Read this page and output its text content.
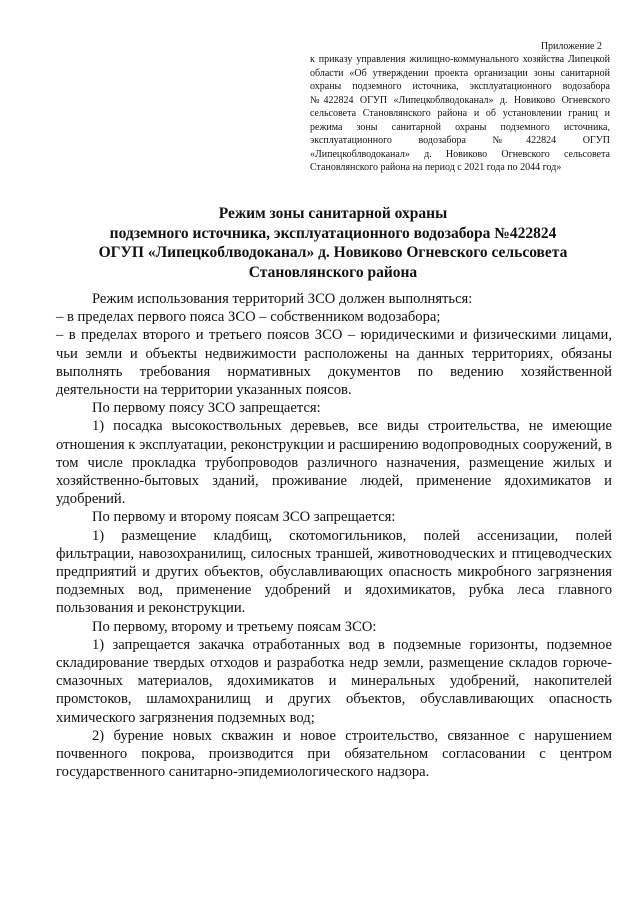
Приложение 2
к приказу управления жилищно-коммунального хозяйства Липецкой области «Об утверждении проекта организации зоны санитарной охраны подземного источника, эксплуатационного водозабора №422824 ОГУП «Липецкоблводоканал» д. Новиково Огневского сельсовета Становлянского района и об установлении границ и режима зоны санитарной охраны подземного источника, эксплуатационного водозабора №422824 ОГУП «Липецкоблводоканал» д. Новиково Огневского сельсовета Становлянского района на период с 2021 года по 2044 год»
Режим зоны санитарной охраны
подземного источника, эксплуатационного водозабора №422824
ОГУП «Липецкоблводоканал» д. Новиково Огневского сельсовета
Становлянского района

Режим использования территорий ЗСО должен выполняться:

– в пределах первого пояса ЗСО – собственником водозабора;

– в пределах второго и третьего поясов ЗСО – юридическими и физическими лицами, чьи земли и объекты недвижимости расположены на данных территориях, обязаны выполнять требования нормативных документов по ведению хозяйственной деятельности на территории указанных поясов.

По первому поясу ЗСО запрещается:

1) посадка высокоствольных деревьев, все виды строительства, не имеющие отношения к эксплуатации, реконструкции и расширению водопроводных сооружений, в том числе прокладка трубопроводов различного назначения, размещение жилых и хозяйственно-бытовых зданий, проживание людей, применение ядохимикатов и удобрений.

По первому и второму поясам ЗСО запрещается:

1) размещение кладбищ, скотомогильников, полей ассенизации, полей фильтрации, навозохранилищ, силосных траншей, животноводческих и птицеводческих предприятий и других объектов, обуславливающих опасность микробного загрязнения подземных вод, применение удобрений и ядохимикатов, рубка леса главного пользования и реконструкции.

По первому, второму и третьему поясам ЗСО:

1) запрещается закачка отработанных вод в подземные горизонты, подземное складирование твердых отходов и разработка недр земли, размещение складов горюче-смазочных материалов, ядохимикатов и минеральных удобрений, накопителей промстоков, шламохранилищ и других объектов, обуславливающих опасность химического загрязнения подземных вод;

2) бурение новых скважин и новое строительство, связанное с нарушением почвенного покрова, производится при обязательном согласовании с центром государственного санитарно-эпидемиологического надзора.
